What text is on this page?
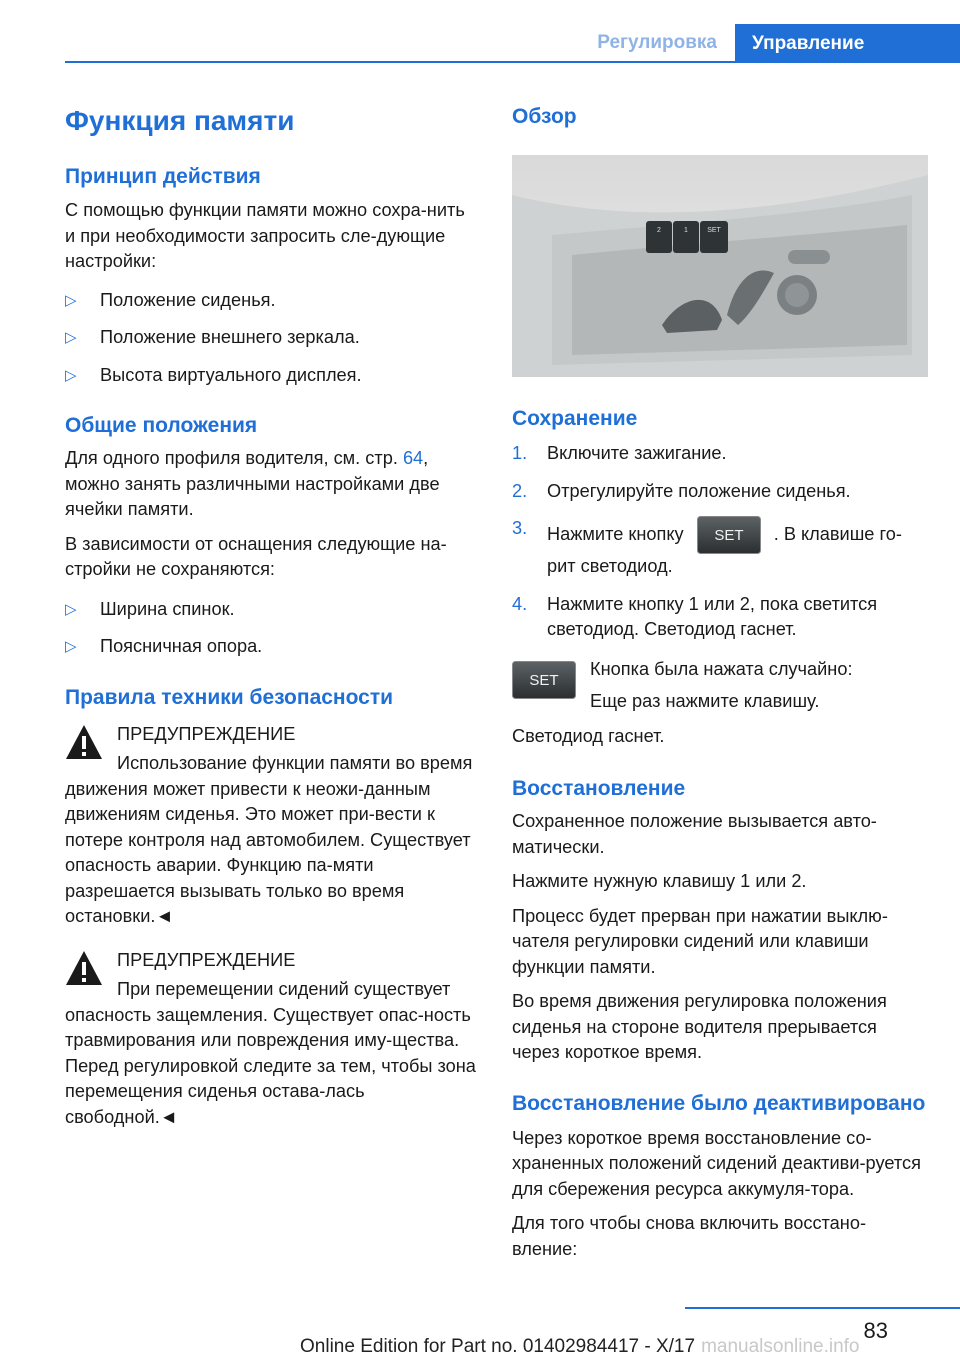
Регулировка	Управление
Функция памяти
Принцип действия

С помощью функции памяти можно сохра-нить и при необходимости запросить сле-дующие настройки:

▷ Положение сиденья.
▷ Положение внешнего зеркала.
▷ Высота виртуального дисплея.
Общие положения

Для одного профиля водителя, см. стр. 64, можно занять различными настройками две ячейки памяти.

В зависимости от оснащения следующие на-стройки не сохраняются:

▷ Ширина спинок.
▷ Поясничная опора.
Правила техники безопасности
ПРЕДУПРЕЖДЕНИЕ

Использование функции памяти во время движения может привести к неожи-данным движениям сиденья. Это может при-вести к потере контроля над автомобилем. Существует опасность аварии. Функцию па-мяти разрешается вызывать только во время остановки.◄

ПРЕДУПРЕЖДЕНИЕ

При перемещении сидений существует опасность защемления. Существует опас-ность травмирования или повреждения иму-щества. Перед регулировкой следите за тем, чтобы зона перемещения сиденья остава-лась свободной.◄

Обзор
2	1	SET
Сохранение
1. Включите зажигание.
2. Отрегулируйте положение сиденья.
3. Нажмите кнопку SET . В клавише го-рит светодиод.
4. Нажмите кнопку 1 или 2, пока светится светодиод. Светодиод гаснет.
SET

Кнопка была нажата случайно:

Еще раз нажмите клавишу.

Светодиод гаснет.

Восстановление

Сохраненное положение вызывается авто-матически.

Нажмите нужную клавишу 1 или 2.

Процесс будет прерван при нажатии выклю-чателя регулировки сидений или клавиши функции памяти.

Во время движения регулировка положения сиденья на стороне водителя прерывается через короткое время.

Восстановление было деактивировано

Через короткое время восстановление со-храненных положений сидений деактиви-руется для сбережения ресурса аккумуля-тора.

Для того чтобы снова включить восстано-вление:

83
Online Edition for Part no. 01402984417 - X/17 manualsonline.info
